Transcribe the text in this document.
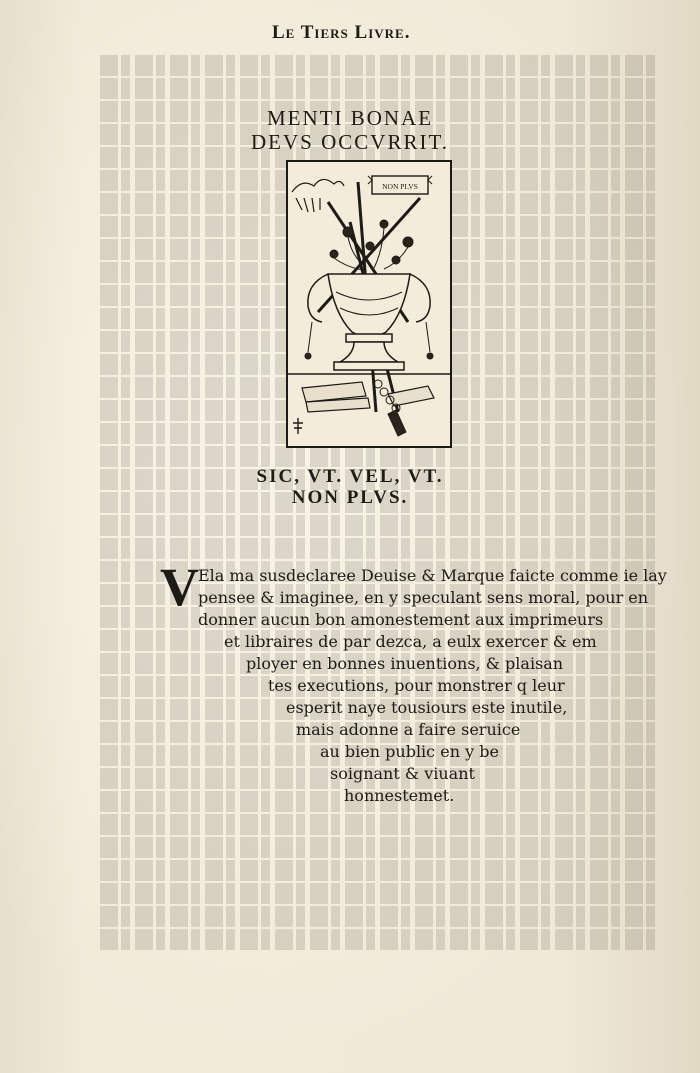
Le Tiers Livre.
MENTI BONAE
DEVS OCCVRRIT.
NON PLVS
SIC, VT. VEL, VT.
NON PLVS.
V Ela ma susdeclaree Deuise & Marque faicte comme ie lay
pensee & imaginee, en y speculant sens moral, pour en
donner aucun bon amonestement aux imprimeurs
et libraires de par dezca, a eulx exercer & em
ployer en bonnes inuentions, & plaisan
tes executions, pour monstrer q leur
esperit naye tousiours este inutile,
mais adonne a faire seruice
au bien public en y be
soignant & viuant
honnestemet.
